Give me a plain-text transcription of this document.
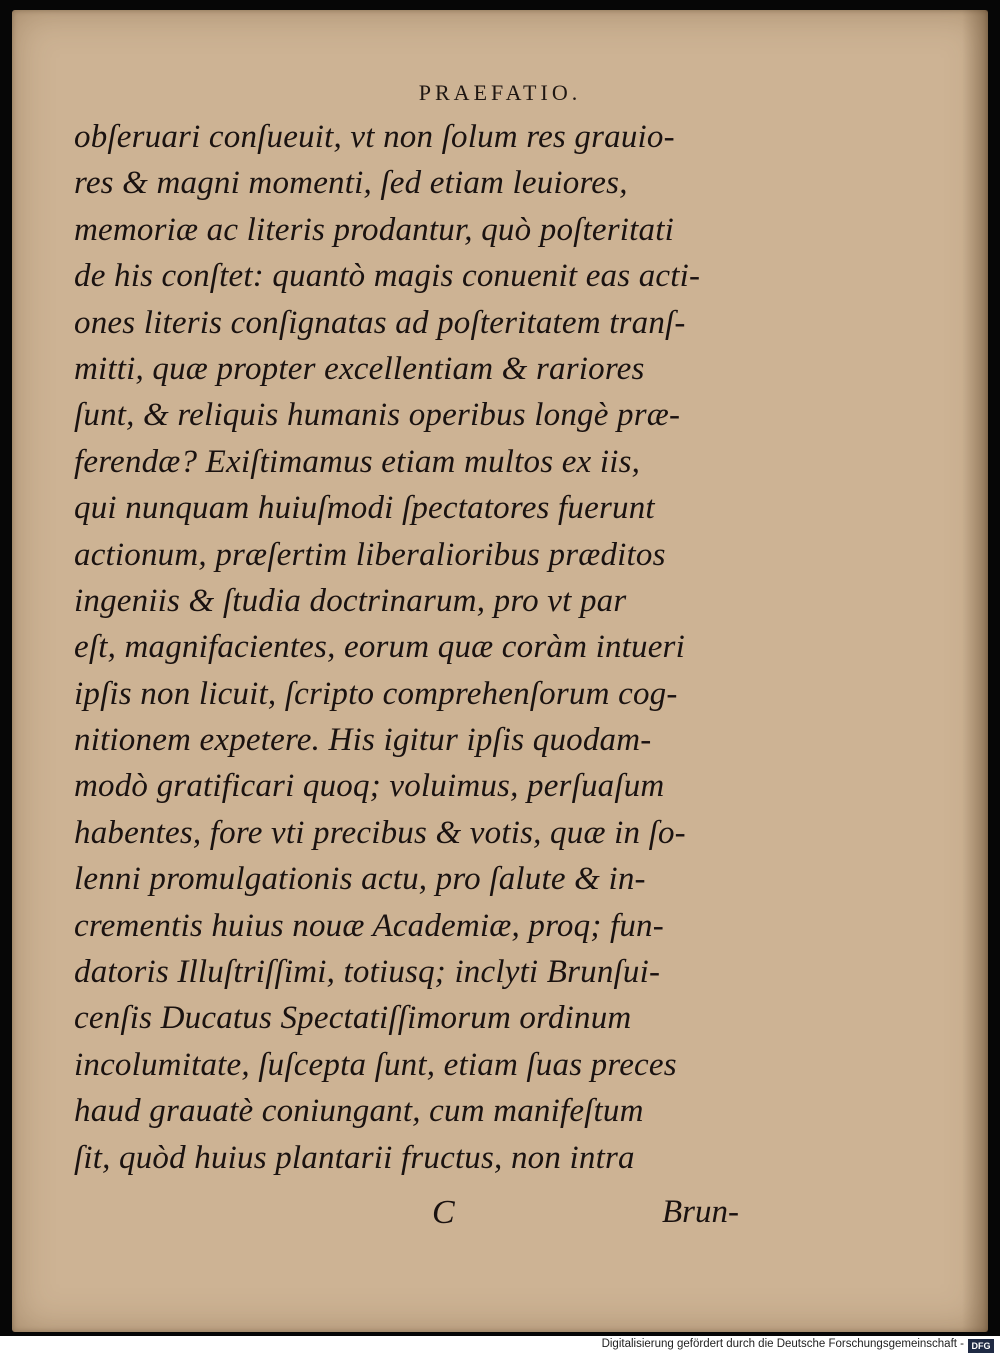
PRAEFATIO.
obſeruari conſueuit, vt non ſolum res grauio-
res & magni momenti, ſed etiam leuiores,
memoriæ ac literis prodantur, quò poſteritati
de his conſtet: quantò magis conuenit eas acti-
ones literis conſignatas ad poſteritatem tranſ-
mitti, quæ propter excellentiam & rariores
ſunt, & reliquis humanis operibus longè præ-
ferendæ? Exiſtimamus etiam multos ex iis,
qui nunquam huiuſmodi ſpectatores fuerunt
actionum, præſertim liberalioribus præditos
ingeniis & ſtudia doctrinarum, pro vt par
eſt, magnifacientes, eorum quæ coràm intueri
ipſis non licuit, ſcripto comprehenſorum cog-
nitionem expetere. His igitur ipſis quodam-
modò gratificari quoq; voluimus, perſuaſum
habentes, fore vti precibus & votis, quæ in ſo-
lenni promulgationis actu, pro ſalute & in-
crementis huius nouæ Academiæ, proq; fun-
datoris Illuſtriſſimi, totiusq; inclyti Brunſui-
cenſis Ducatus Spectatiſſimorum ordinum
incolumitate, ſuſcepta ſunt, etiam ſuas preces
haud grauatè coniungant, cum manifeſtum
ſit, quòd huius plantarii fructus, non intra
C	Brun-
Digitalisierung gefördert durch die Deutsche Forschungsgemeinschaft - DFG
